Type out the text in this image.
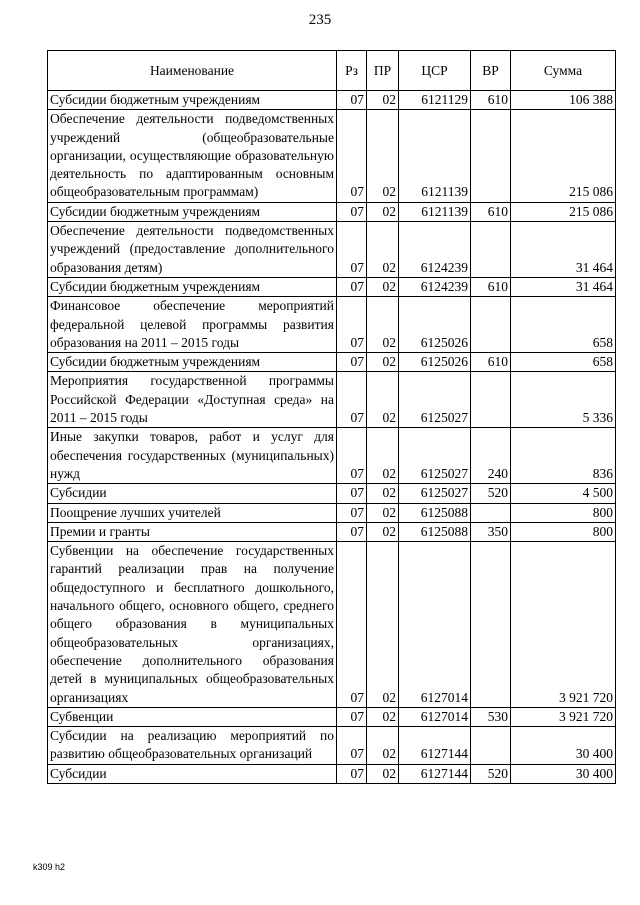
235
Наименование	Рз	ПР	ЦСР	ВР	Сумма
Субсидии бюджетным учреждениям	07	02	6121129	610	106 388
Обеспечение деятельности подведомственных учреждений (общеобразовательные организации, осуществляющие образовательную деятельность по адаптированным основным общеобразовательным программам)	07	02	6121139		215 086
Субсидии бюджетным учреждениям	07	02	6121139	610	215 086
Обеспечение деятельности подведомственных учреждений (предоставление дополнительного образования детям)	07	02	6124239		31 464
Субсидии бюджетным учреждениям	07	02	6124239	610	31 464
Финансовое обеспечение мероприятий федеральной целевой программы развития образования на 2011 – 2015 годы	07	02	6125026		658
Субсидии бюджетным учреждениям	07	02	6125026	610	658
Мероприятия государственной программы Российской Федерации «Доступная среда» на 2011 – 2015 годы	07	02	6125027		5 336
Иные закупки товаров, работ и услуг для обеспечения государственных (муниципальных) нужд	07	02	6125027	240	836
Субсидии	07	02	6125027	520	4 500
Поощрение лучших учителей	07	02	6125088		800
Премии и гранты	07	02	6125088	350	800
Субвенции на обеспечение государственных гарантий реализации прав на получение общедоступного и бесплатного дошкольного, начального общего, основного общего, среднего общего образования в муниципальных общеобразовательных организациях, обеспечение дополнительного образования детей в муниципальных общеобразовательных организациях	07	02	6127014		3 921 720
Субвенции	07	02	6127014	530	3 921 720
Субсидии на реализацию мероприятий по развитию общеобразовательных организаций	07	02	6127144		30 400
Субсидии	07	02	6127144	520	30 400
k309 h2
